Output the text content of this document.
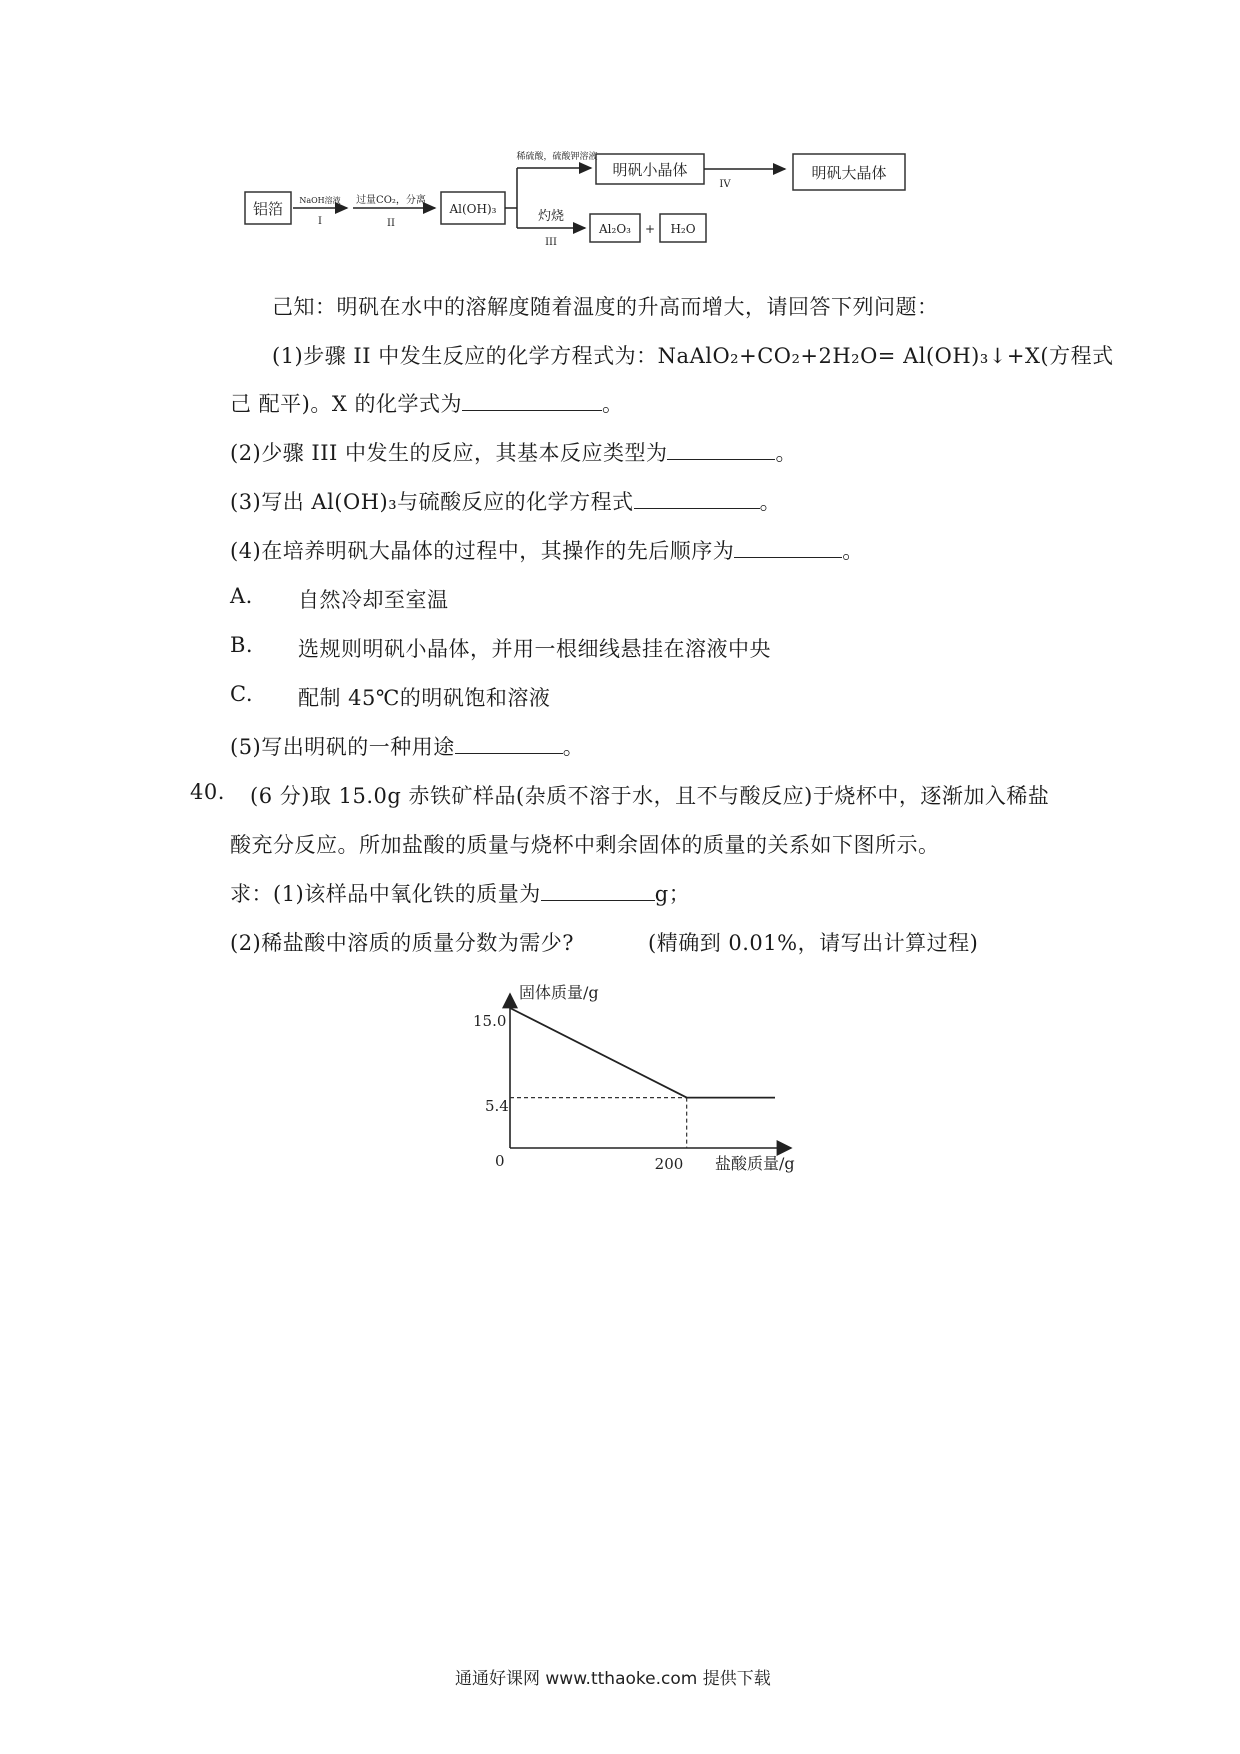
铝箔 NaOH溶液
I
过量CO₂，分离
II
Al(OH)₃
稀硫酸，硫酸钾溶液
明矾小晶体
IV
明矾大晶体
灼烧
III
Al₂O₃ + H₂O
己知：明矾在水中的溶解度随着温度的升高而增大，请回答下列问题：
(1)步骤 II 中发生反应的化学方程式为：NaAlO₂+CO₂+2H₂O= Al(OH)₃↓+X(方程式
己 配平)。X 的化学式为	。
(2)少骤 III 中发生的反应，其基本反应类型为	。
(3)写出 Al(OH)₃与硫酸反应的化学方程式	。
(4)在培养明矾大晶体的过程中，其操作的先后顺序为	。
A. 自然冷却至室温
B. 选规则明矾小晶体，并用一根细线悬挂在溶液中央
C. 配制 45℃的明矾饱和溶液
(5)写出明矾的一种用途	。
40. (6 分)取 15.0g 赤铁矿样品(杂质不溶于水，且不与酸反应)于烧杯中，逐渐加入稀盐
酸充分反应。所加盐酸的质量与烧杯中剩余固体的质量的关系如下图所示。
求：(1)该样品中氧化铁的质量为	g；
(2)稀盐酸中溶质的质量分数为需少?	(精确到 0.01%，请写出计算过程)
固体质量/g
盐酸质量/g
0
15.0
5.4
200
通通好课网 www.tthaoke.com 提供下载
